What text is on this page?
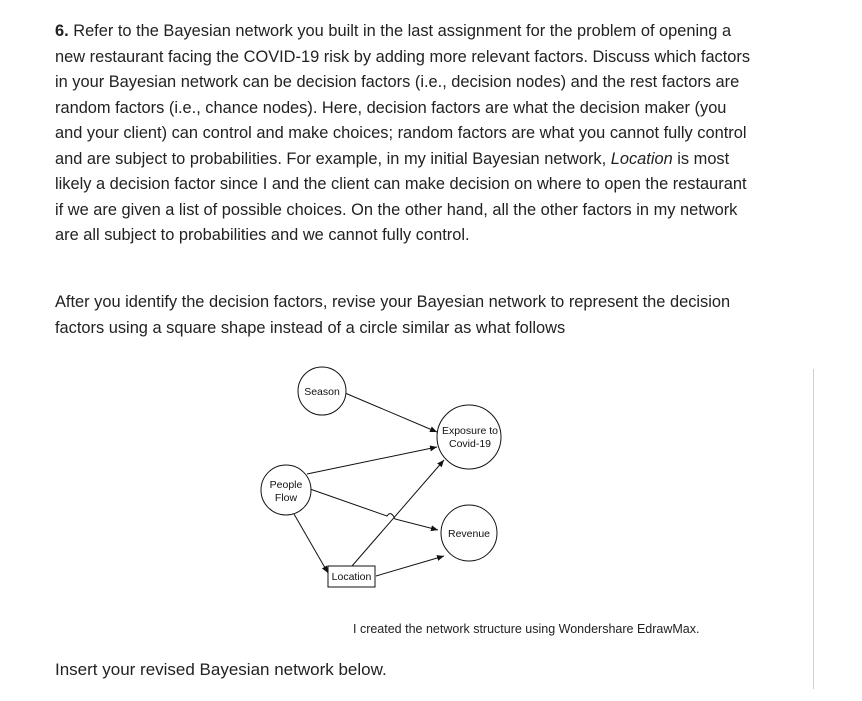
6. Refer to the Bayesian network you built in the last assignment for the problem of opening a new restaurant facing the COVID-19 risk by adding more relevant factors. Discuss which factors in your Bayesian network can be decision factors (i.e., decision nodes) and the rest factors are random factors (i.e., chance nodes). Here, decision factors are what the decision maker (you and your client) can control and make choices; random factors are what you cannot fully control and are subject to probabilities. For example, in my initial Bayesian network, Location is most likely a decision factor since I and the client can make decision on where to open the restaurant if we are given a list of possible choices. On the other hand, all the other factors in my network are all subject to probabilities and we cannot fully control.

After you identify the decision factors, revise your Bayesian network to represent the decision factors using a square shape instead of a circle similar as what follows

Season
Exposure to
Covid-19
People
Flow
Revenue
Location
I created the network structure using Wondershare EdrawMax.
Insert your revised Bayesian network below.
